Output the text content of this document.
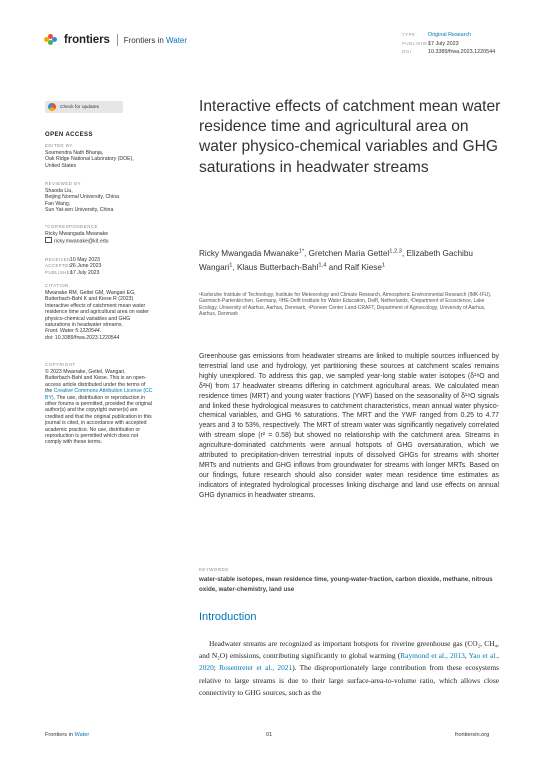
frontiers Frontiers in Water
TYPE Original Research
PUBLISHED17 July 2023
DOI	10.3389/frwa.2023.1220544
Check for updates
OPEN ACCESS
EDITED BY
Soumendra Nath Bhanja,
Oak Ridge National Laboratory (DOE),
United States
REVIEWED BY
Shaoda Liu,
Beijing Normal University, China
Fan Wang,
Sun Yat-sen University, China
*CORRESPONDENCE
Ricky Mwangada Mwanake
ricky.mwanake@kit.edu
RECEIVED10 May 2023
ACCEPTED26 June 2023
PUBLISHED17 July 2023
CITATION
Mwanake RM, Gettel GM, Wangari EG, Butterbach-Bahl K and Kiese R (2023) Interactive effects of catchment mean water residence time and agricultural area on water physico-chemical variables and GHG saturations in headwater streams.
Front. Water 5:1220544.
doi: 10.3389/frwa.2023.1220544
COPYRIGHT
© 2023 Mwanake, Gettel, Wangari, Butterbach-Bahl and Kiese. This is an open-access article distributed under the terms of the Creative Commons Attribution License (CC BY). The use, distribution or reproduction in other forums is permitted, provided the original author(s) and the copyright owner(s) are credited and that the original publication in this journal is cited, in accordance with accepted academic practice. No use, distribution or reproduction is permitted which does not comply with these terms.
Interactive effects of catchment mean water residence time and agricultural area on water physico-chemical variables and GHG saturations in headwater streams
Ricky Mwangada Mwanake$^{1*}$, Gretchen Maria Gettel$^{1,2,3}$, Elizabeth Gachibu Wangari$^1$, Klaus Butterbach-Bahl$^{1,4}$ and Ralf Kiese$^1$
¹Karlsruhe Institute of Technology, Institute for Meteorology and Climate Research, Atmospheric Environmental Research (IMK-IFU), Garmisch-Partenkirchen, Germany, ²IHE-Delft Institute for Water Education, Delft, Netherlands, ³Department of Ecoscience, Lake Ecology, University of Aarhus, Aarhus, Denmark, ⁴Pioneer Center Land-CRAFT, Department of Agroecology, University of Aarhus, Aarhus, Denmark
Greenhouse gas emissions from headwater streams are linked to multiple sources influenced by terrestrial land use and hydrology, yet partitioning these sources at catchment scales remains highly unexplored. To address this gap, we sampled year-long stable water isotopes (δ¹⁸O and δ²H) from 17 headwater streams differing in catchment agricultural areas. We calculated mean residence times (MRT) and young water fractions (YWF) based on the seasonality of δ¹⁸O signals and linked these hydrological measures to catchment characteristics, mean annual water physico-chemical variables, and GHG % saturations. The MRT and the YWF ranged from 0.25 to 4.77 years and 3 to 53%, respectively. The MRT of stream water was significantly negatively correlated with stream slope (r² = 0.58) but showed no relationship with the catchment area. Streams in agriculture-dominated catchments were annual hotspots of GHG oversaturation, which we attributed to precipitation-driven terrestrial inputs of dissolved GHGs for streams with shorter MRTs and nutrients and GHG inflows from groundwater for streams with longer MRTs. Based on our findings, future research should also consider water mean residence time estimates as indicators of integrated hydrological processes linking discharge and land use effects on annual GHG dynamics in headwater streams.
KEYWORDS
water-stable isotopes, mean residence time, young-water-fraction, carbon dioxide, methane, nitrous oxide, water-chemistry, land use
Introduction
Headwater streams are recognized as important hotspots for riverine greenhouse gas (CO₂, CH₄, and N₂O) emissions, contributing significantly to global warming (Raymond et al., 2013, Yao et al., 2020; Rosentreter et al., 2021). The disproportionately large contribution from these ecosystems relative to large streams is due to their large surface-area-to-volume ratio, which allows close connectivity to GHG sources, such as the
Frontiers in Water	01	frontiersin.org
